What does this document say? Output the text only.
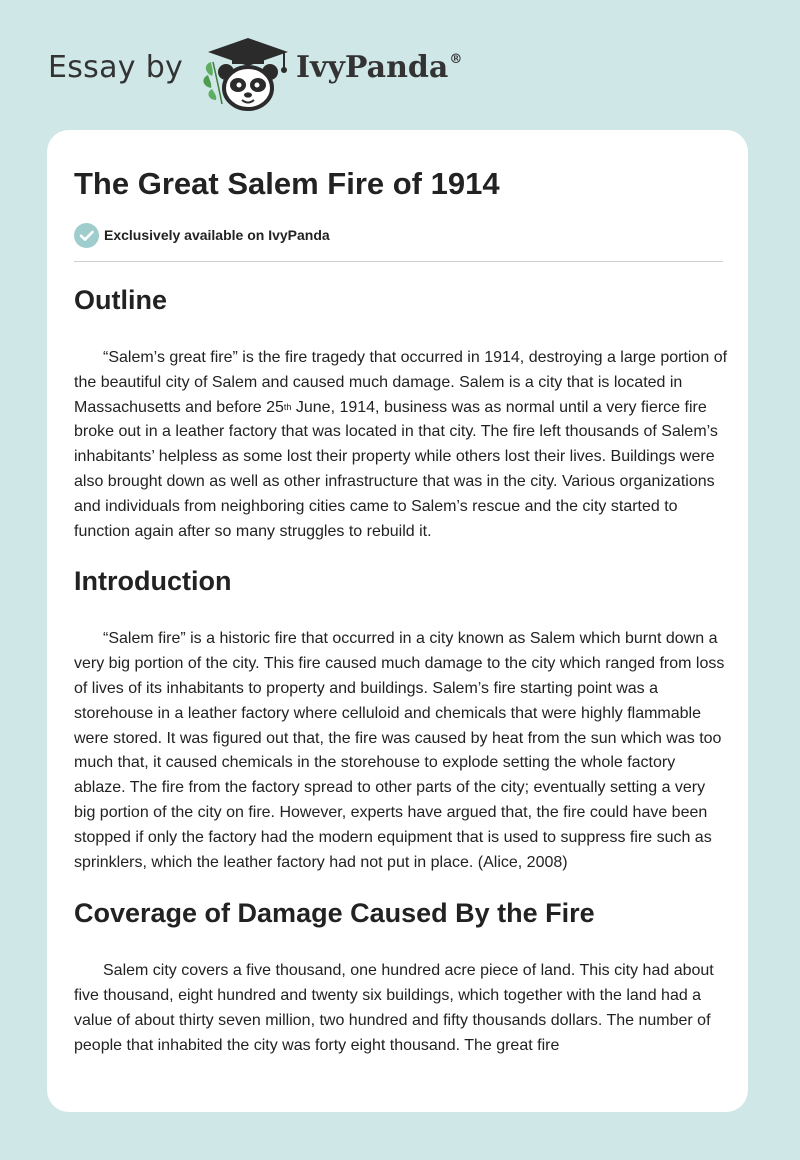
Essay by	IvyPanda®
The Great Salem Fire of 1914
Exclusively available on IvyPanda
Outline

“Salem’s great fire” is the fire tragedy that occurred in 1914, destroying a large portion of the beautiful city of Salem and caused much damage. Salem is a city that is located in Massachusetts and before 25th June, 1914, business was as normal until a very fierce fire broke out in a leather factory that was located in that city. The fire left thousands of Salem’s inhabitants’ helpless as some lost their property while others lost their lives. Buildings were also brought down as well as other infrastructure that was in the city. Various organizations and individuals from neighboring cities came to Salem’s rescue and the city started to function again after so many struggles to rebuild it.

Introduction

“Salem fire” is a historic fire that occurred in a city known as Salem which burnt down a very big portion of the city. This fire caused much damage to the city which ranged from loss of lives of its inhabitants to property and buildings. Salem’s fire starting point was a storehouse in a leather factory where celluloid and chemicals that were highly flammable were stored. It was figured out that, the fire was caused by heat from the sun which was too much that, it caused chemicals in the storehouse to explode setting the whole factory ablaze. The fire from the factory spread to other parts of the city; eventually setting a very big portion of the city on fire. However, experts have argued that, the fire could have been stopped if only the factory had the modern equipment that is used to suppress fire such as sprinklers, which the leather factory had not put in place. (Alice, 2008)

Coverage of Damage Caused By the Fire

Salem city covers a five thousand, one hundred acre piece of land. This city had about five thousand, eight hundred and twenty six buildings, which together with the land had a value of about thirty seven million, two hundred and fifty thousands dollars. The number of people that inhabited the city was forty eight thousand. The great fire
